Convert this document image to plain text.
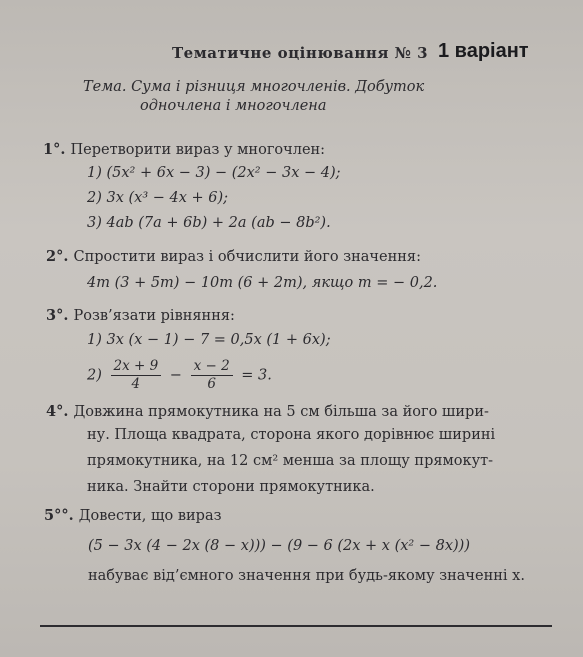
Тематичне оцінювання № 3 1 варіант
Тема. Сума і різниця многочленів. Добуток
одночлена і многочлена
1°. Перетворити вираз у многочлен:
1) (5x² + 6x − 3) − (2x² − 3x − 4);
2) 3x (x³ − 4x + 6);
3) 4ab (7a + 6b) + 2a (ab − 8b²).
2°. Спростити вираз і обчислити його значення:
4m (3 + 5m) − 10m (6 + 2m), якщо m = − 0,2.
3°. Розв’язати рівняння:
1) 3x (x − 1) − 7 = 0,5x (1 + 6x);
$2) \frac{2x + 9}{4} - \frac{x - 2}{6} = 3$.
4°. Довжина прямокутника на 5 см більша за його шири-
ну. Площа квадрата, сторона якого дорівнює ширині
прямокутника, на 12 см² менша за площу прямокут-
ника. Знайти сторони прямокутника.
5°°. Довести, що вираз
(5 − 3x (4 − 2x (8 − x))) − (9 − 6 (2x + x (x² − 8x)))
набуває від’ємного значення при будь-якому значенні x.
